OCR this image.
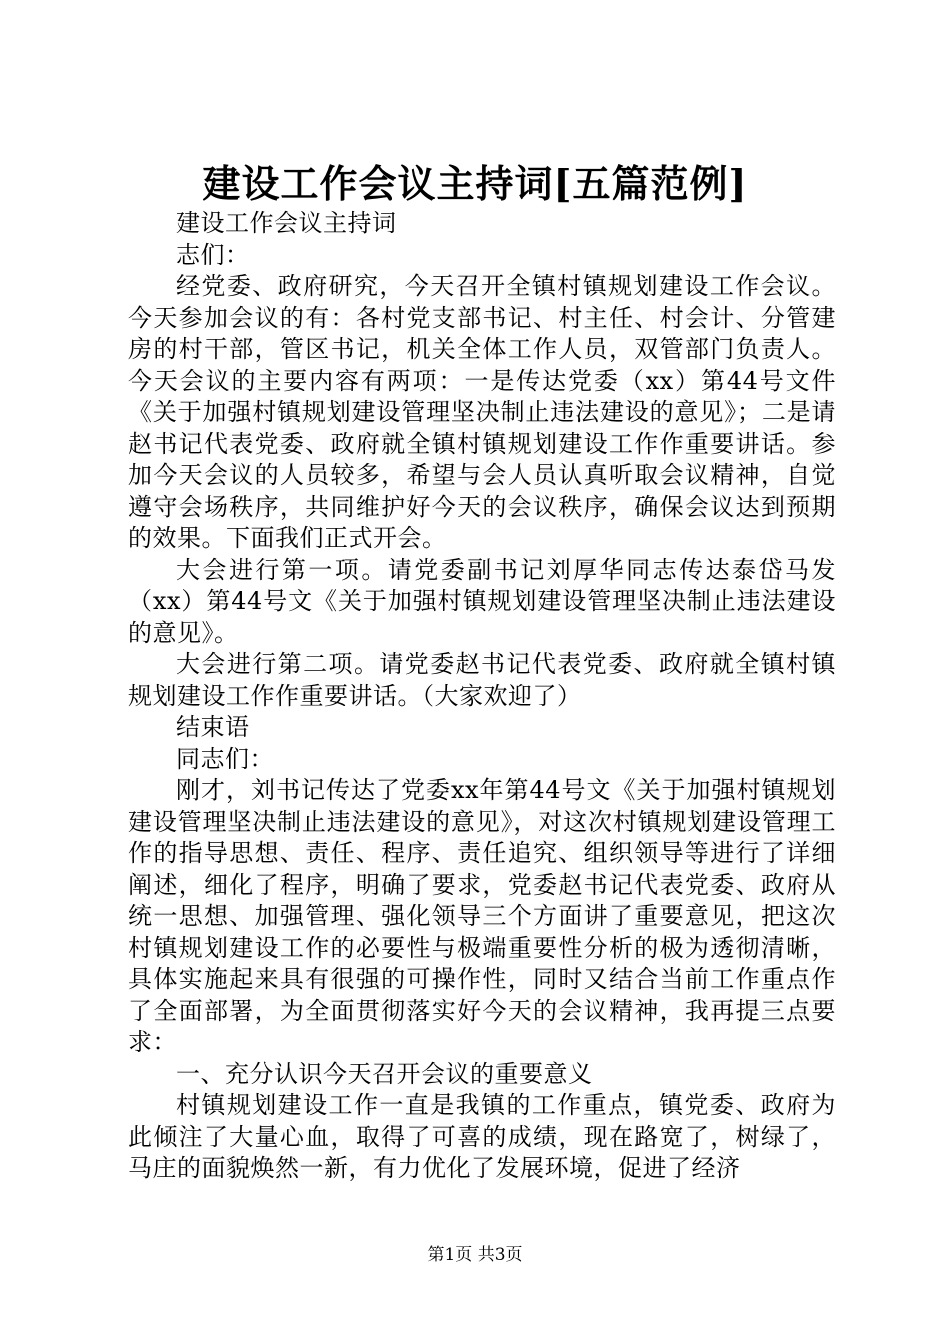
建设工作会议主持词[五篇范例]

建设工作会议主持词

志们：

经党委、政府研究，今天召开全镇村镇规划建设工作会议。今天参加会议的有：各村党支部书记、村主任、村会计、分管建房的村干部，管区书记，机关全体工作人员，双管部门负责人。今天会议的主要内容有两项：一是传达党委（xx）第44号文件《关于加强村镇规划建设管理坚决制止违法建设的意见》；二是请赵书记代表党委、政府就全镇村镇规划建设工作作重要讲话。参加今天会议的人员较多，希望与会人员认真听取会议精神，自觉遵守会场秩序，共同维护好今天的会议秩序，确保会议达到预期的效果。下面我们正式开会。

大会进行第一项。请党委副书记刘厚华同志传达泰岱马发（xx）第44号文《关于加强村镇规划建设管理坚决制止违法建设的意见》。

大会进行第二项。请党委赵书记代表党委、政府就全镇村镇规划建设工作作重要讲话。（大家欢迎了）

结束语

同志们：

刚才，刘书记传达了党委xx年第44号文《关于加强村镇规划建设管理坚决制止违法建设的意见》，对这次村镇规划建设管理工作的指导思想、责任、程序、责任追究、组织领导等进行了详细阐述，细化了程序，明确了要求，党委赵书记代表党委、政府从统一思想、加强管理、强化领导三个方面讲了重要意见，把这次村镇规划建设工作的必要性与极端重要性分析的极为透彻清晰，具体实施起来具有很强的可操作性，同时又结合当前工作重点作了全面部署，为全面贯彻落实好今天的会议精神，我再提三点要求：

一、充分认识今天召开会议的重要意义

村镇规划建设工作一直是我镇的工作重点，镇党委、政府为此倾注了大量心血，取得了可喜的成绩，现在路宽了，树绿了，马庄的面貌焕然一新，有力优化了发展环境，促进了经济

第1页 共3页
